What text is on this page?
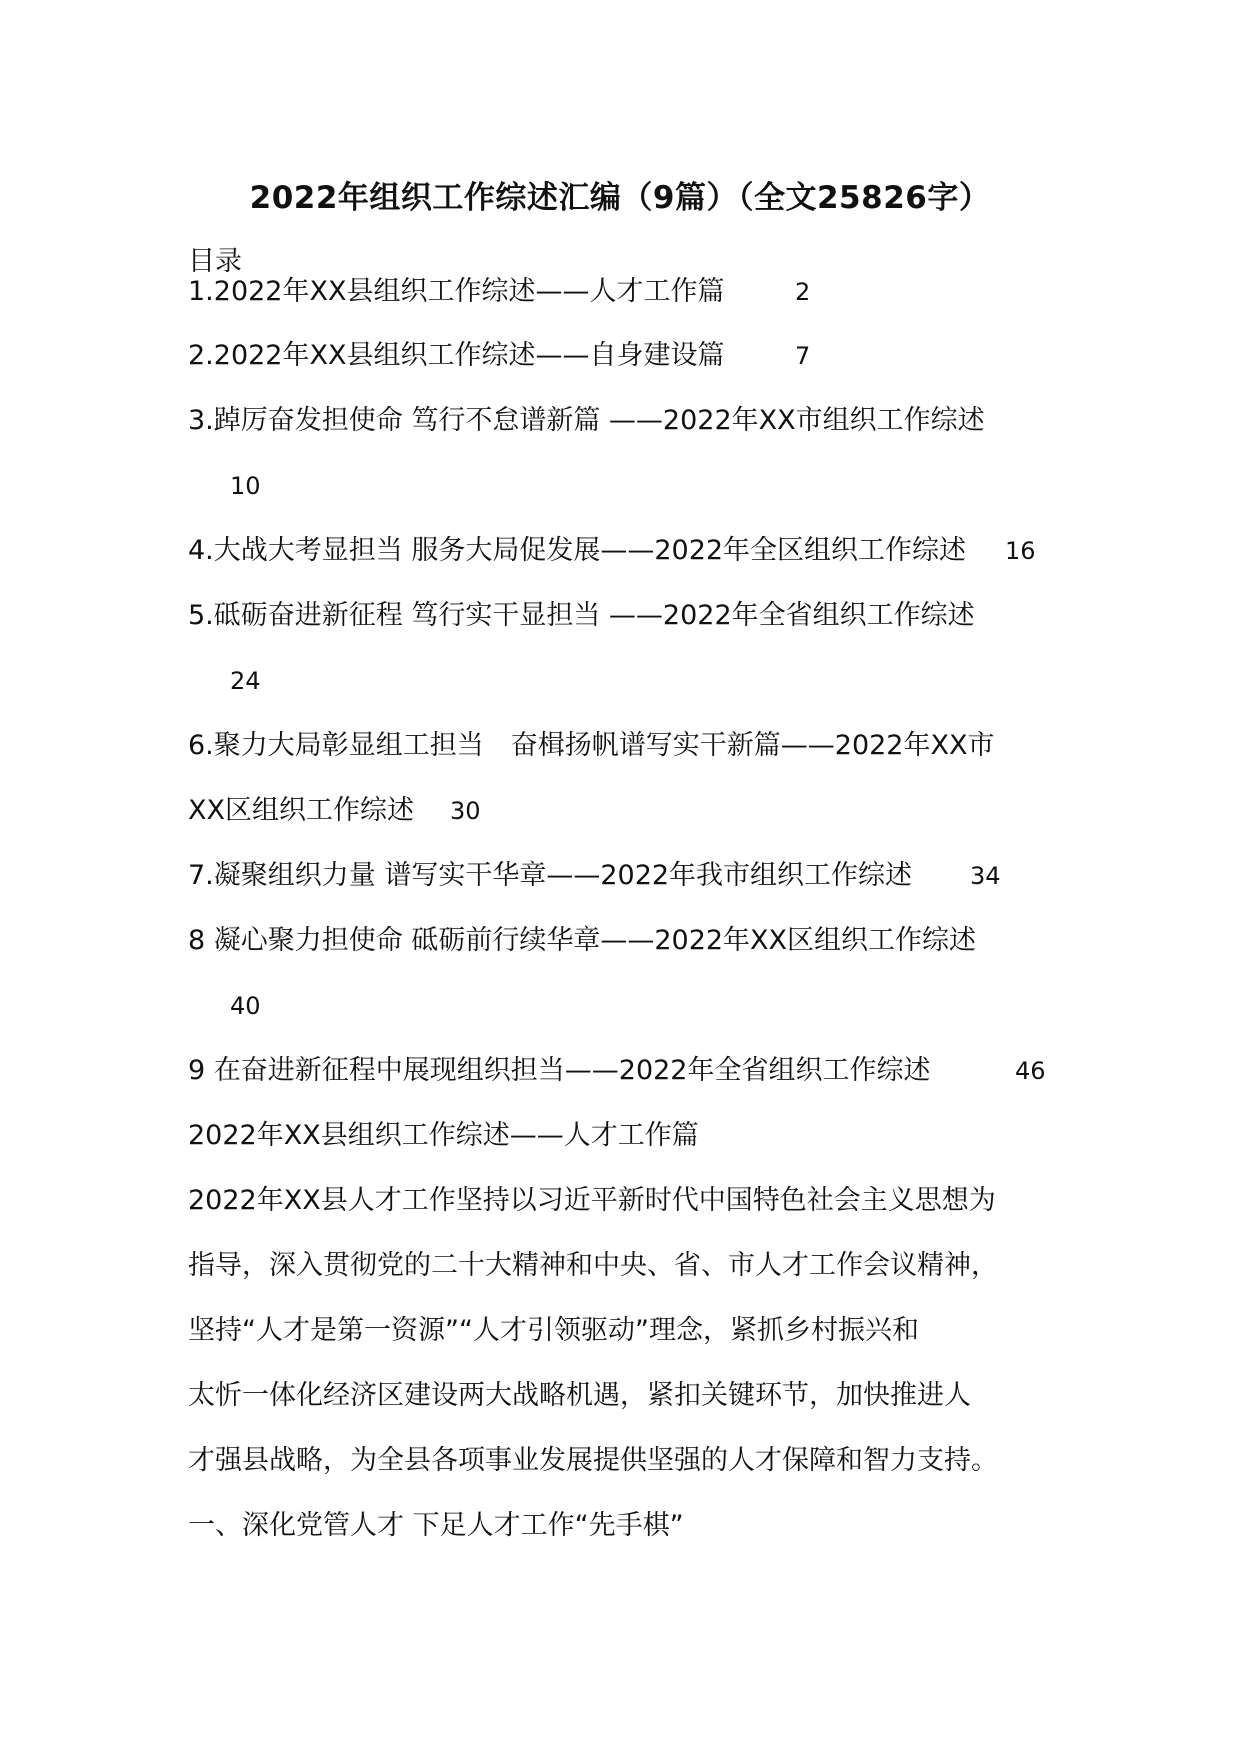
2022年组织工作综述汇编（9篇）（全文25826字）
目录
1.2022年XX县组织工作综述——人才工作篇	2
2.2022年XX县组织工作综述——自身建设篇	7
3.踔厉奋发担使命 笃行不怠谱新篇 ——2022年XX市组织工作综述
10
4.大战大考显担当 服务大局促发展——2022年全区组织工作综述 16
5.砥砺奋进新征程 笃行实干显担当 ——2022年全省组织工作综述
24
6.聚力大局彰显组工担当　奋楫扬帆谱写实干新篇——2022年XX市
XX区组织工作综述 30
7.凝聚组织力量 谱写实干华章——2022年我市组织工作综述 34
8 凝心聚力担使命 砥砺前行续华章——2022年XX区组织工作综述
40
9 在奋进新征程中展现组织担当——2022年全省组织工作综述	46
2022年XX县组织工作综述——人才工作篇
2022年XX县人才工作坚持以习近平新时代中国特色社会主义思想为
指导，深入贯彻党的二十大精神和中央、省、市人才工作会议精神，
坚持“人才是第一资源”“人才引领驱动”理念，紧抓乡村振兴和
太忻一体化经济区建设两大战略机遇，紧扣关键环节，加快推进人
才强县战略，为全县各项事业发展提供坚强的人才保障和智力支持。
一、深化党管人才 下足人才工作“先手棋”
